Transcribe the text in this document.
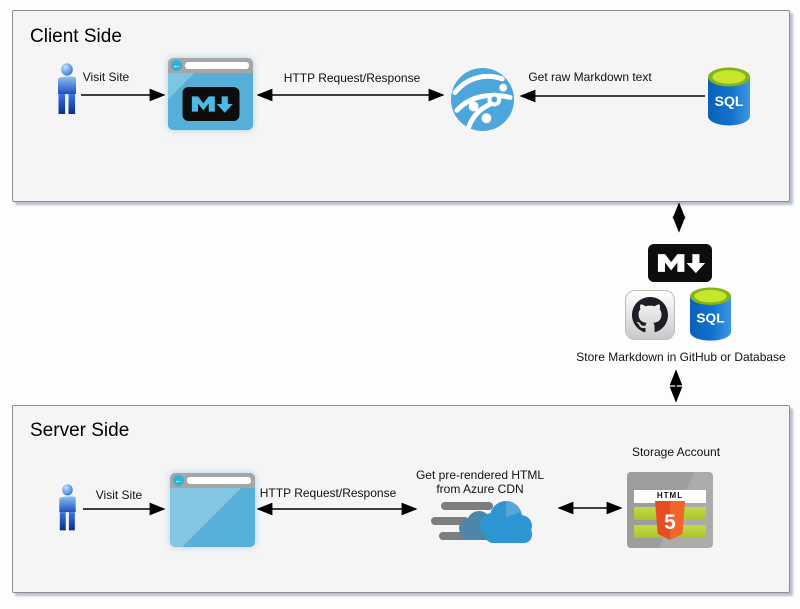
Client Side
Visit Site
←
HTTP Request/Response	Get raw Markdown text
SQL
SQL
Store Markdown in GitHub or Database
Server Side
Visit Site
←
HTTP Request/Response
Get pre-rendered HTML
from Azure CDN
Storage Account
HTML
5
